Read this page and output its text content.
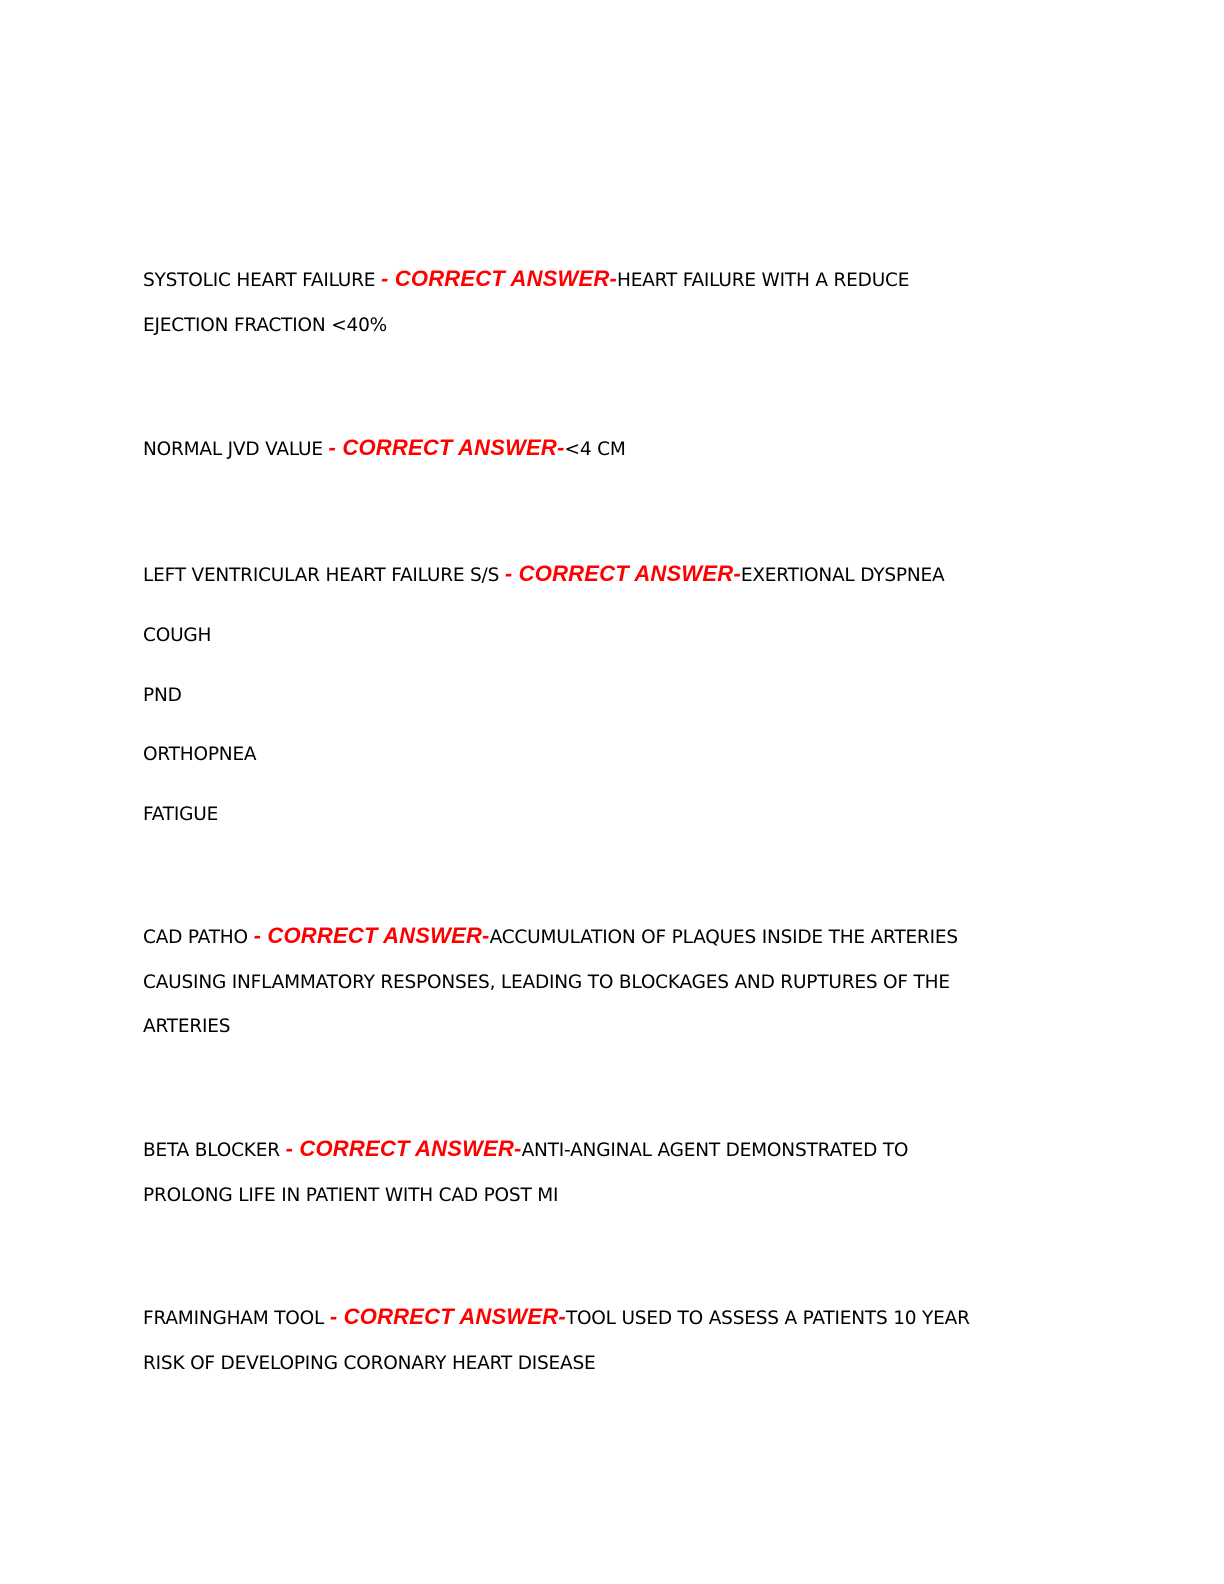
SYSTOLIC HEART FAILURE - CORRECT ANSWER-HEART FAILURE WITH A REDUCE
EJECTION FRACTION <40%
NORMAL JVD VALUE - CORRECT ANSWER-<4 CM
LEFT VENTRICULAR HEART FAILURE S/S - CORRECT ANSWER-EXERTIONAL DYSPNEA
COUGH
PND
ORTHOPNEA
FATIGUE
CAD PATHO - CORRECT ANSWER-ACCUMULATION OF PLAQUES INSIDE THE ARTERIES
CAUSING INFLAMMATORY RESPONSES, LEADING TO BLOCKAGES AND RUPTURES OF THE
ARTERIES
BETA BLOCKER - CORRECT ANSWER-ANTI-ANGINAL AGENT DEMONSTRATED TO
PROLONG LIFE IN PATIENT WITH CAD POST MI
FRAMINGHAM TOOL - CORRECT ANSWER-TOOL USED TO ASSESS A PATIENTS 10 YEAR
RISK OF DEVELOPING CORONARY HEART DISEASE
